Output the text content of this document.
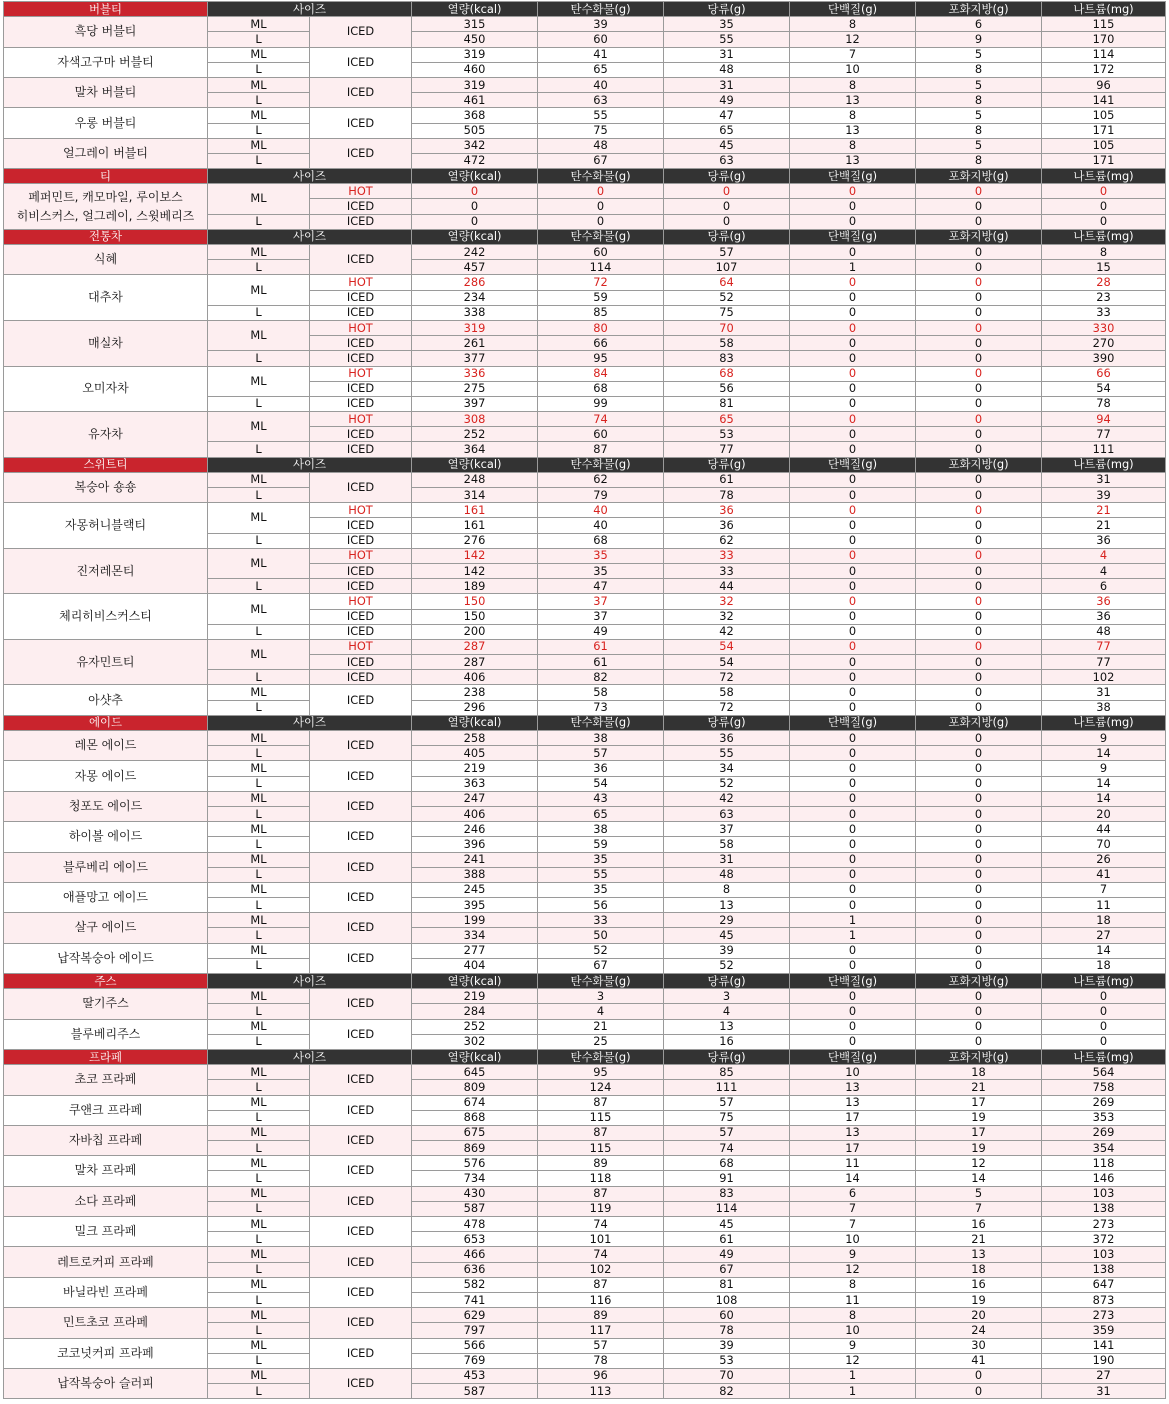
버블티	사이즈		열량(kcal)	탄수화물(g)	당류(g)	단백질(g)	포화지방(g)	나트륨(mg)
흑당 버블티	ML	ICED	315	39	35	8	6	115
	L		450	60	55	12	9	170
자색고구마 버블티	ML	ICED	319	41	31	7	5	114
	L		460	65	48	10	8	172
말차 버블티	ML	ICED	319	40	31	8	5	96
	L		461	63	49	13	8	141
우롱 버블티	ML	ICED	368	55	47	8	5	105
	L		505	75	65	13	8	171
얼그레이 버블티	ML	ICED	342	48	45	8	5	105
	L		472	67	63	13	8	171
티	사이즈		열량(kcal)	탄수화물(g)	당류(g)	단백질(g)	포화지방(g)	나트륨(mg)
페퍼민트, 캐모마일, 루이보스
히비스커스, 얼그레이, 스윗베리즈	ML	HOT	0	0	0	0	0	0
		ICED	0	0	0	0	0	0
	L	ICED	0	0	0	0	0	0
전통차	사이즈		열량(kcal)	탄수화물(g)	당류(g)	단백질(g)	포화지방(g)	나트륨(mg)
식혜	ML	ICED	242	60	57	0	0	8
	L		457	114	107	1	0	15
대추차	ML	HOT	286	72	64	0	0	28
		ICED	234	59	52	0	0	23
	L	ICED	338	85	75	0	0	33
매실차	ML	HOT	319	80	70	0	0	330
		ICED	261	66	58	0	0	270
	L	ICED	377	95	83	0	0	390
오미자차	ML	HOT	336	84	68	0	0	66
		ICED	275	68	56	0	0	54
	L	ICED	397	99	81	0	0	78
유자차	ML	HOT	308	74	65	0	0	94
		ICED	252	60	53	0	0	77
	L	ICED	364	87	77	0	0	111
스위트티	사이즈		열량(kcal)	탄수화물(g)	당류(g)	단백질(g)	포화지방(g)	나트륨(mg)
복숭아 숑숑	ML	ICED	248	62	61	0	0	31
	L		314	79	78	0	0	39
자몽허니블랙티	ML	HOT	161	40	36	0	0	21
		ICED	161	40	36	0	0	21
	L	ICED	276	68	62	0	0	36
진저레몬티	ML	HOT	142	35	33	0	0	4
		ICED	142	35	33	0	0	4
	L	ICED	189	47	44	0	0	6
체리히비스커스티	ML	HOT	150	37	32	0	0	36
		ICED	150	37	32	0	0	36
	L	ICED	200	49	42	0	0	48
유자민트티	ML	HOT	287	61	54	0	0	77
		ICED	287	61	54	0	0	77
	L	ICED	406	82	72	0	0	102
아샷추	ML	ICED	238	58	58	0	0	31
	L		296	73	72	0	0	38
에이드	사이즈		열량(kcal)	탄수화물(g)	당류(g)	단백질(g)	포화지방(g)	나트륨(mg)
레몬 에이드	ML	ICED	258	38	36	0	0	9
	L		405	57	55	0	0	14
자몽 에이드	ML	ICED	219	36	34	0	0	9
	L		363	54	52	0	0	14
청포도 에이드	ML	ICED	247	43	42	0	0	14
	L		406	65	63	0	0	20
하이볼 에이드	ML	ICED	246	38	37	0	0	44
	L		396	59	58	0	0	70
블루베리 에이드	ML	ICED	241	35	31	0	0	26
	L		388	55	48	0	0	41
애플망고 에이드	ML	ICED	245	35	8	0	0	7
	L		395	56	13	0	0	11
살구 에이드	ML	ICED	199	33	29	1	0	18
	L		334	50	45	1	0	27
납작복숭아 에이드	ML	ICED	277	52	39	0	0	14
	L		404	67	52	0	0	18
주스	사이즈		열량(kcal)	탄수화물(g)	당류(g)	단백질(g)	포화지방(g)	나트륨(mg)
딸기주스	ML	ICED	219	3	3	0	0	0
	L		284	4	4	0	0	0
블루베리주스	ML	ICED	252	21	13	0	0	0
	L		302	25	16	0	0	0
프라페	사이즈		열량(kcal)	탄수화물(g)	당류(g)	단백질(g)	포화지방(g)	나트륨(mg)
초코 프라페	ML	ICED	645	95	85	10	18	564
	L		809	124	111	13	21	758
쿠앤크 프라페	ML	ICED	674	87	57	13	17	269
	L		868	115	75	17	19	353
자바칩 프라페	ML	ICED	675	87	57	13	17	269
	L		869	115	74	17	19	354
말차 프라페	ML	ICED	576	89	68	11	12	118
	L		734	118	91	14	14	146
소다 프라페	ML	ICED	430	87	83	6	5	103
	L		587	119	114	7	7	138
밀크 프라페	ML	ICED	478	74	45	7	16	273
	L		653	101	61	10	21	372
레트로커피 프라페	ML	ICED	466	74	49	9	13	103
	L		636	102	67	12	18	138
바닐라빈 프라페	ML	ICED	582	87	81	8	16	647
	L		741	116	108	11	19	873
민트초코 프라페	ML	ICED	629	89	60	8	20	273
	L		797	117	78	10	24	359
코코넛커피 프라페	ML	ICED	566	57	39	9	30	141
	L		769	78	53	12	41	190
납작복숭아 슬러피	ML	ICED	453	96	70	1	0	27
	L		587	113	82	1	0	31
